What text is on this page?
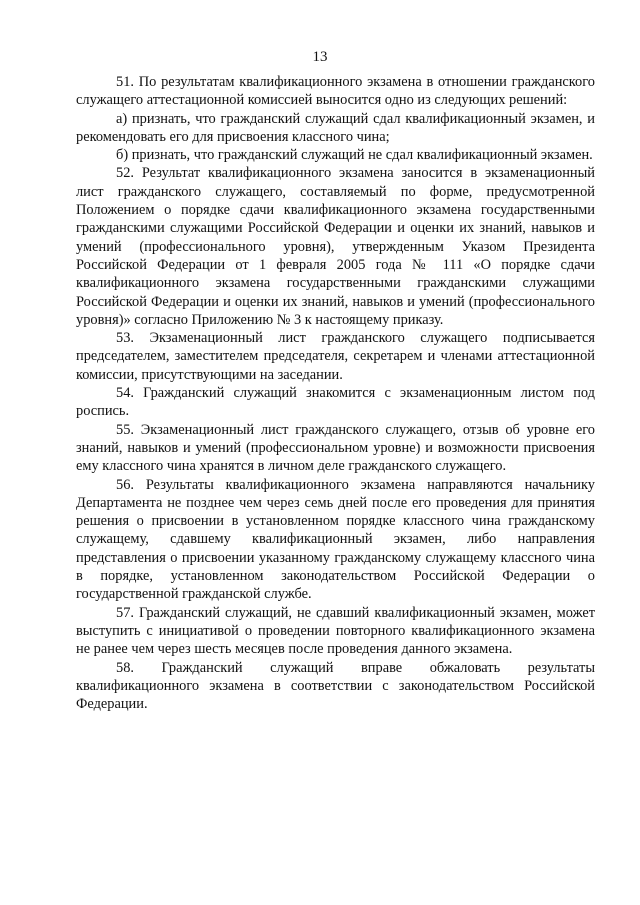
13

51. По результатам квалификационного экзамена в отношении гражданского служащего аттестационной комиссией выносится одно из следующих решений:

а) признать, что гражданский служащий сдал квалификационный экзамен, и рекомендовать его для присвоения классного чина;

б) признать, что гражданский служащий не сдал квалификационный экзамен.

52. Результат квалификационного экзамена заносится в экзаменационный лист гражданского служащего, составляемый по форме, предусмотренной Положением о порядке сдачи квалификационного экзамена государственными гражданскими служащими Российской Федерации и оценки их знаний, навыков и умений (профессионального уровня), утвержденным Указом Президента Российской Федерации от 1 февраля 2005 года № 111 «О порядке сдачи квалификационного экзамена государственными гражданскими служащими Российской Федерации и оценки их знаний, навыков и умений (профессионального уровня)» согласно Приложению № 3 к настоящему приказу.

53. Экзаменационный лист гражданского служащего подписывается председателем, заместителем председателя, секретарем и членами аттестационной комиссии, присутствующими на заседании.

54. Гражданский служащий знакомится с экзаменационным листом под роспись.

55. Экзаменационный лист гражданского служащего, отзыв об уровне его знаний, навыков и умений (профессиональном уровне) и возможности присвоения ему классного чина хранятся в личном деле гражданского служащего.

56. Результаты квалификационного экзамена направляются начальнику Департамента не позднее чем через семь дней после его проведения для принятия решения о присвоении в установленном порядке классного чина гражданскому служащему, сдавшему квалификационный экзамен, либо направления представления о присвоении указанному гражданскому служащему классного чина в порядке, установленном законодательством Российской Федерации о государственной гражданской службе.

57. Гражданский служащий, не сдавший квалификационный экзамен, может выступить с инициативой о проведении повторного квалификационного экзамена не ранее чем через шесть месяцев после проведения данного экзамена.

58. Гражданский служащий вправе обжаловать результаты квалификационного экзамена в соответствии с законодательством Российской Федерации.
